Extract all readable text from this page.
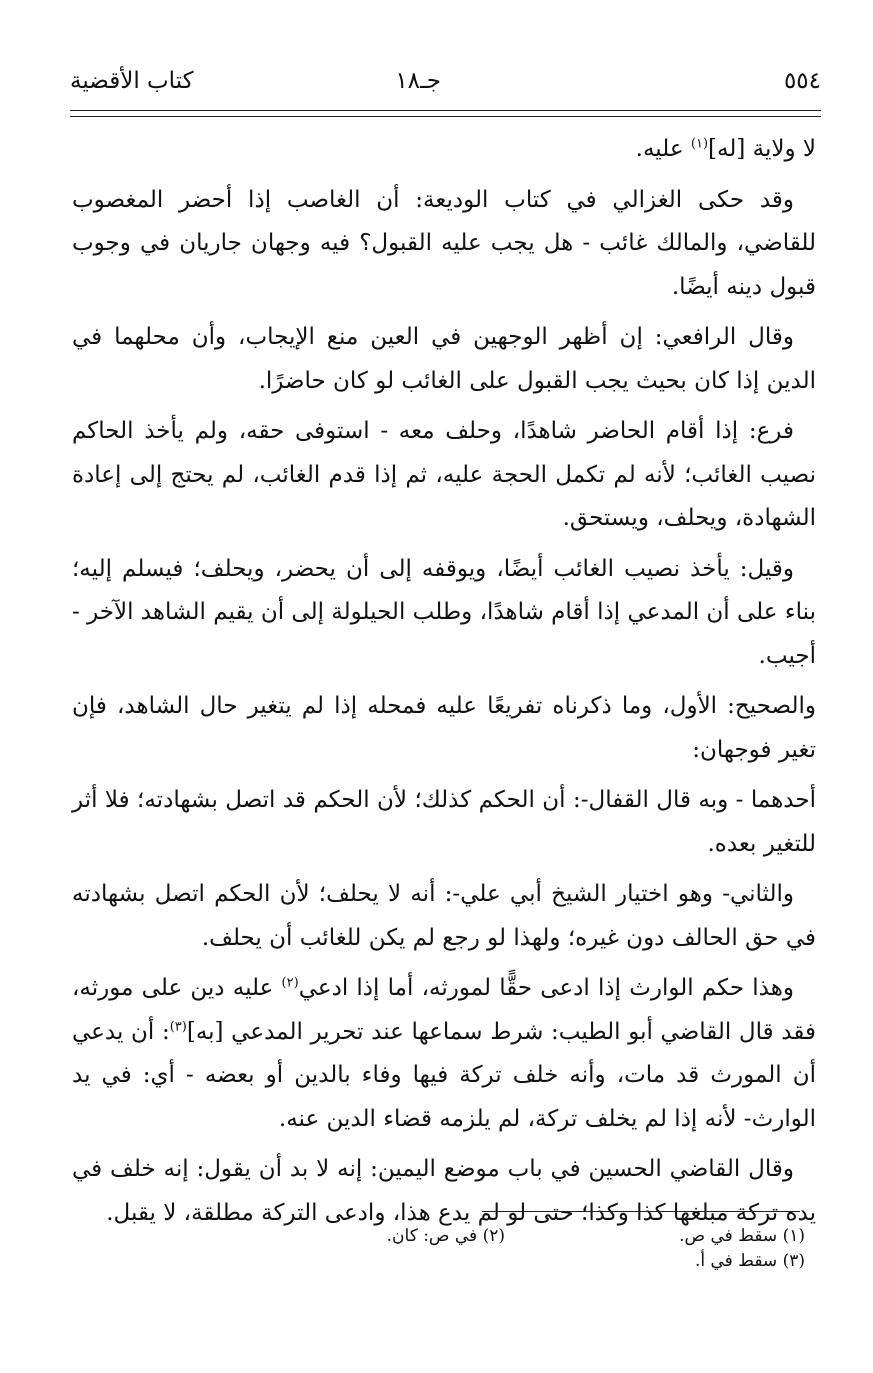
٥٥٤
جـ١٨
كتاب الأقضية

لا ولاية [له]$^{(١)}$ عليه.

وقد حكى الغزالي في كتاب الوديعة: أن الغاصب إذا أحضر المغصوب للقاضي، والمالك غائب - هل يجب عليه القبول؟ فيه وجهان جاريان في وجوب قبول دينه أيضًا.

وقال الرافعي: إن أظهر الوجهين في العين منع الإيجاب، وأن محلهما في الدين إذا كان بحيث يجب القبول على الغائب لو كان حاضرًا.

فرع: إذا أقام الحاضر شاهدًا، وحلف معه - استوفى حقه، ولم يأخذ الحاكم نصيب الغائب؛ لأنه لم تكمل الحجة عليه، ثم إذا قدم الغائب، لم يحتج إلى إعادة الشهادة، ويحلف، ويستحق.

وقيل: يأخذ نصيب الغائب أيضًا، ويوقفه إلى أن يحضر، ويحلف؛ فيسلم إليه؛ بناء على أن المدعي إذا أقام شاهدًا، وطلب الحيلولة إلى أن يقيم الشاهد الآخر - أجيب.

والصحيح: الأول، وما ذكرناه تفريعًا عليه فمحله إذا لم يتغير حال الشاهد، فإن تغير فوجهان:

أحدهما - وبه قال القفال-: أن الحكم كذلك؛ لأن الحكم قد اتصل بشهادته؛ فلا أثر للتغير بعده.

والثاني- وهو اختيار الشيخ أبي علي-: أنه لا يحلف؛ لأن الحكم اتصل بشهادته في حق الحالف دون غيره؛ ولهذا لو رجع لم يكن للغائب أن يحلف.

وهذا حكم الوارث إذا ادعى حقًّا لمورثه، أما إذا ادعي$^{(٢)}$ عليه دين على مورثه، فقد قال القاضي أبو الطيب: شرط سماعها عند تحرير المدعي [به]$^{(٣)}$: أن يدعي أن المورث قد مات، وأنه خلف تركة فيها وفاء بالدين أو بعضه - أي: في يد الوارث- لأنه إذا لم يخلف تركة، لم يلزمه قضاء الدين عنه.

وقال القاضي الحسين في باب موضع اليمين: إنه لا بد أن يقول: إنه خلف في يده تركة مبلغها كذا وكذا؛ حتى لو لم يدع هذا، وادعى التركة مطلقة، لا يقبل.

(١) سقط في ص.
(٢) في ص: كان.
(٣) سقط في أ.
